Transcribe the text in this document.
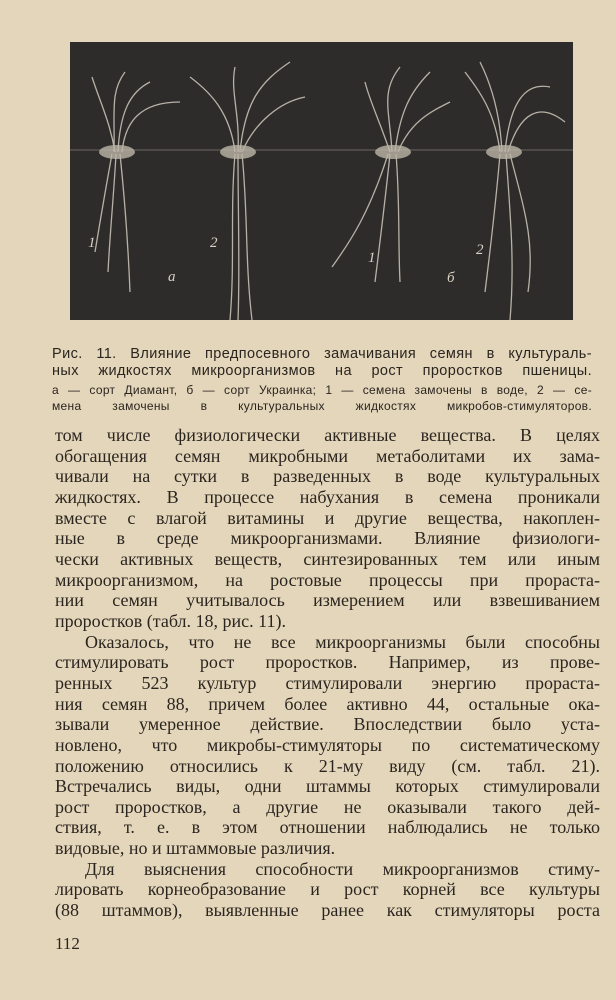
1	2
а
1	2
б
Рис. 11. Влияние предпосевного замачивания семян в культураль-
ных жидкостях микроорганизмов на рост проростков пшеницы.
а — сорт Диамант, б — сорт Украинка; 1 — семена замочены в воде, 2 — се-
мена замочены в культуральных жидкостях микробов-стимуляторов.
том числе физиологически активные вещества. В целях
обогащения семян микробными метаболитами их зама-
чивали на сутки в разведенных в воде культуральных
жидкостях. В процессе набухания в семена проникали
вместе с влагой витамины и другие вещества, накоплен-
ные в среде микроорганизмами. Влияние физиологи-
чески активных веществ, синтезированных тем или иным
микроорганизмом, на ростовые процессы при прораста-
нии семян учитывалось измерением или взвешиванием
проростков (табл. 18, рис. 11).
Оказалось, что не все микроорганизмы были способны
стимулировать рост проростков. Например, из прове-
ренных 523 культур стимулировали энергию прораста-
ния семян 88, причем более активно 44, остальные ока-
зывали умеренное действие. Впоследствии было уста-
новлено, что микробы-стимуляторы по систематическому
положению относились к 21-му виду (см. табл. 21).
Встречались виды, одни штаммы которых стимулировали
рост проростков, а другие не оказывали такого дей-
ствия, т. е. в этом отношении наблюдались не только
видовые, но и штаммовые различия.
Для выяснения способности микроорганизмов стиму-
лировать корнеобразование и рост корней все культуры
(88 штаммов), выявленные ранее как стимуляторы роста
112
